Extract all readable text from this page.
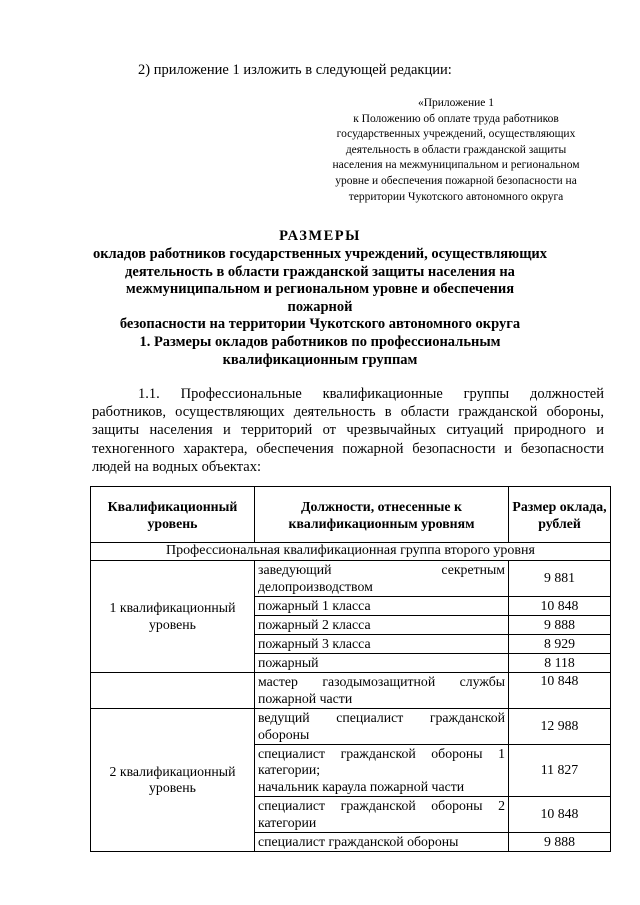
2) приложение 1 изложить в следующей редакции:
«Приложение 1
к Положению об оплате труда работников
государственных учреждений, осуществляющих
деятельность в области гражданской защиты
населения на межмуниципальном и региональном
уровне и обеспечения пожарной безопасности на
территории Чукотского автономного округа
РАЗМЕРЫ
окладов работников государственных учреждений, осуществляющих
деятельность в области гражданской защиты населения на
межмуниципальном и региональном уровне и обеспечения пожарной
безопасности на территории Чукотского автономного округа
1. Размеры окладов работников по профессиональным
квалификационным группам
1.1. Профессиональные квалификационные группы должностей работников, осуществляющих деятельность в области гражданской обороны, защиты населения и территорий от чрезвычайных ситуаций природного и техногенного характера, обеспечения пожарной безопасности и безопасности людей на водных объектах:
Квалификационный уровень	Должности, отнесенные к квалификационным уровням	Размер оклада, рублей
Профессиональная квалификационная группа второго уровня		
1 квалификационный уровень	заведующий секретным делопроизводством	9 881
	пожарный 1 класса	10 848
	пожарный 2 класса	9 888
	пожарный 3 класса	8 929
	пожарный	8 118
	мастер газодымозащитной службы пожарной части	10 848
2 квалификационный уровень	ведущий специалист гражданской обороны	12 988

	специалист гражданской обороны 1 категории;
начальник караула пожарной части	11 827
	специалист гражданской обороны 2 категории	10 848
	специалист гражданской обороны	9 888
